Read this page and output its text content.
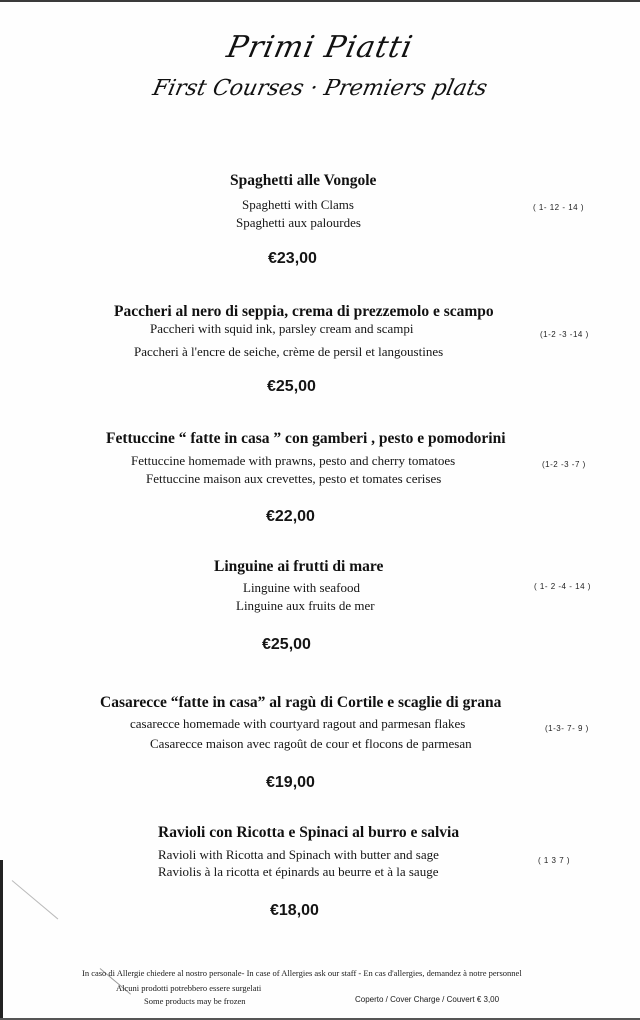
Primi Piatti
First Courses · Premiers plats
Spaghetti alle Vongole
Spaghetti with Clams
Spaghetti aux palourdes
( 1- 12 - 14 )
€23,00
Paccheri al nero di seppia, crema di prezzemolo e scampo
Paccheri with squid ink, parsley cream and scampi
Paccheri à l'encre de seiche, crème de persil et langoustines
(1-2 -3 -14 )
€25,00
Fettuccine “ fatte in casa ” con gamberi , pesto e pomodorini
Fettuccine homemade with prawns, pesto and cherry tomatoes
Fettuccine maison aux crevettes, pesto et tomates cerises
(1-2 -3 -7 )
€22,00
Linguine ai frutti di mare
Linguine with seafood
Linguine aux fruits de mer
( 1- 2 -4 - 14 )
€25,00
Casarecce “fatte in casa” al ragù di Cortile e scaglie di grana
casarecce homemade with courtyard ragout and parmesan flakes
Casarecce maison avec ragoût de cour et flocons de parmesan
(1-3- 7- 9 )
€19,00
Ravioli con Ricotta e Spinaci al burro e salvia
Ravioli with Ricotta and Spinach with butter and sage
Raviolis à la ricotta et épinards au beurre et à la sauge
( 1 3 7 )
€18,00
In caso di Allergie chiedere al nostro personale- In case of Allergies ask our staff - En cas d'allergies, demandez à notre personnel
Alcuni prodotti potrebbero essere surgelati
Some products may be frozen	Coperto / Cover Charge / Couvert € 3,00
